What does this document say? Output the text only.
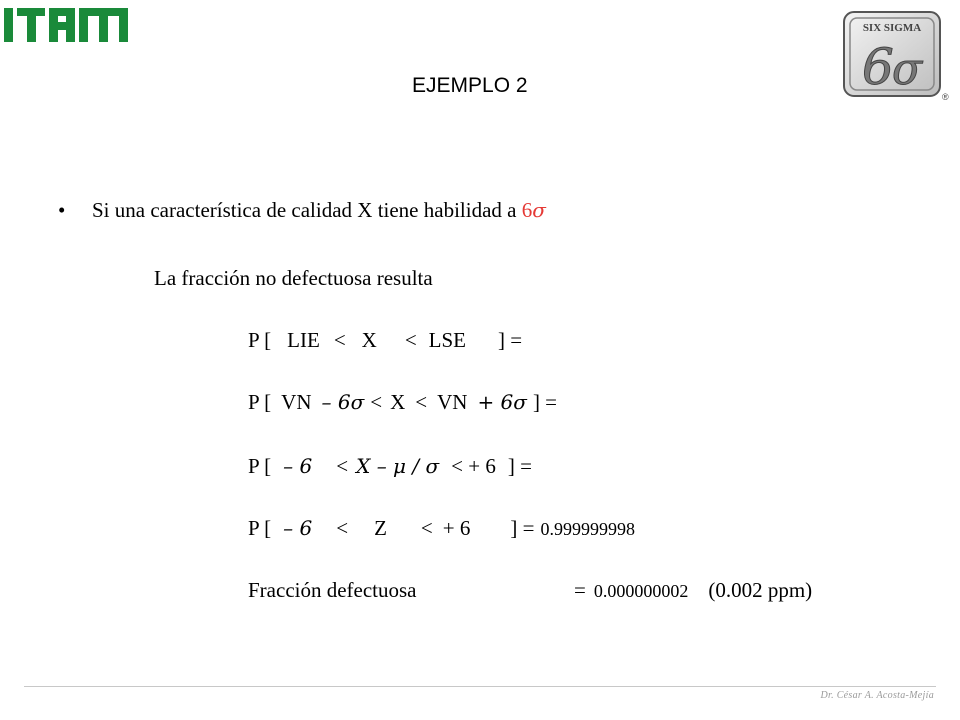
SIX SIGMA
6
σ
®
EJEMPLO 2
• Si una característica de calidad X tiene habilidad a 6σ
La fracción no defectuosa resulta
P [ LIE < X < LSE ] =
P [ VN – 6σ < X < VN + 6σ ] =
P [ – 6 < X – μ / σ < + 6 ] =
P [ – 6 < Z < + 6 ] = 0.999999998
Fracción defectuosa	= 0.000000002 (0.002 ppm)
Dr. César A. Acosta-Mejía
